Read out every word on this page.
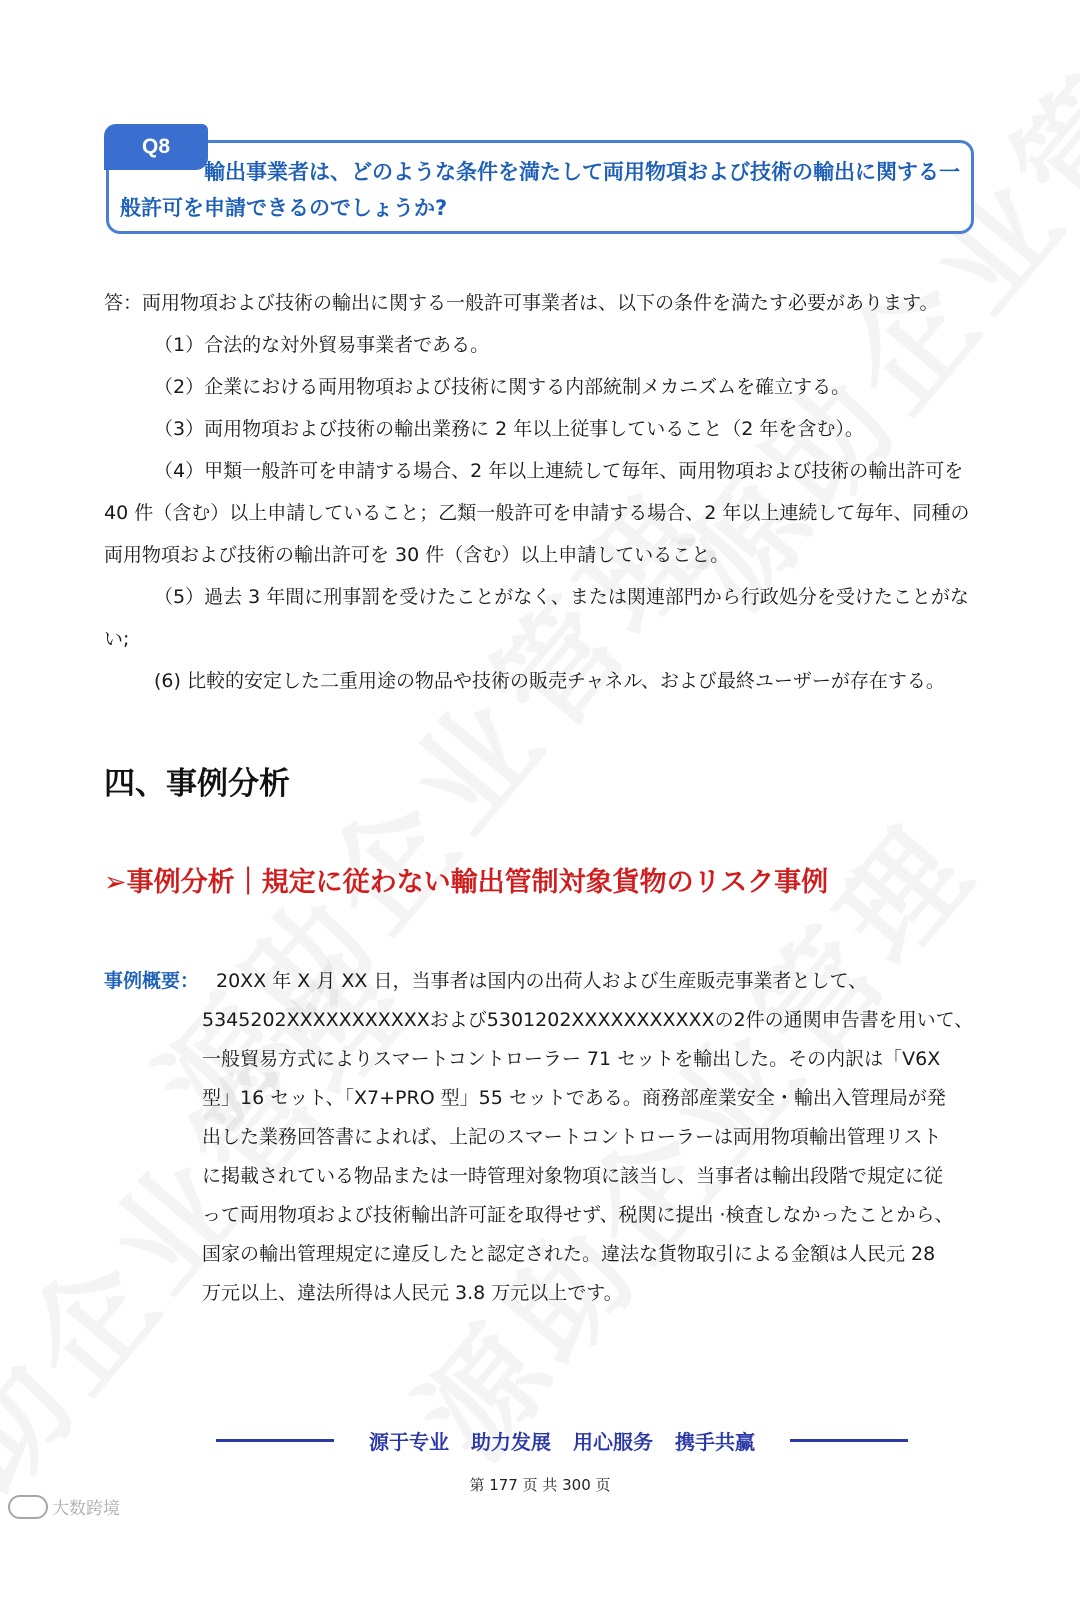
Q8
輸出事業者は、どのような条件を満たして両用物項および技術の輸出に関する一般許可を申請できるのでしょうか?

答：両用物項および技術の輸出に関する一般許可事業者は、以下の条件を満たす必要があります。

（1）合法的な対外貿易事業者である。

（2）企業における両用物項および技術に関する内部統制メカニズムを確立する。

（3）両用物項および技術の輸出業務に 2 年以上従事していること（2 年を含む）。

（4）甲類一般許可を申請する場合、2 年以上連続して毎年、両用物項および技術の輸出許可を 40 件（含む）以上申請していること；乙類一般許可を申請する場合、2 年以上連続して毎年、同種の両用物項および技術の輸出許可を 30 件（含む）以上申請していること。

（5）過去 3 年間に刑事罰を受けたことがなく、または関連部門から行政処分を受けたことがない;

(6) 比較的安定した二重用途の物品や技術の販売チャネル、および最終ユーザーが存在する。

四、事例分析
➢事例分析｜規定に従わない輸出管制対象貨物のリスク事例
事例概要： 20XX 年 X 月 XX 日，当事者は国内の出荷人および生産販売事業者として、
5345202XXXXXXXXXXXおよび5301202XXXXXXXXXXXの2件の通関申告書を用いて、
一般貿易方式によりスマートコントローラー 71 セットを輸出した。その内訳は「V6X
型」16 セット、「X7+PRO 型」55 セットである。商務部産業安全・輸出入管理局が発
出した業務回答書によれば、上記のスマートコントローラーは両用物項輸出管理リスト
に掲載されている物品または一時管理対象物項に該当し、当事者は輸出段階で規定に従
って両用物項および技術輸出許可証を取得せず、税関に提出 ·検査しなかったことから、
国家の輸出管理規定に違反したと認定された。違法な貨物取引による金額は人民元 28
万元以上、違法所得は人民元 3.8 万元以上です。
源于专业 助力发展 用心服务 携手共赢
第 177 页 共 300 页
大数跨境
